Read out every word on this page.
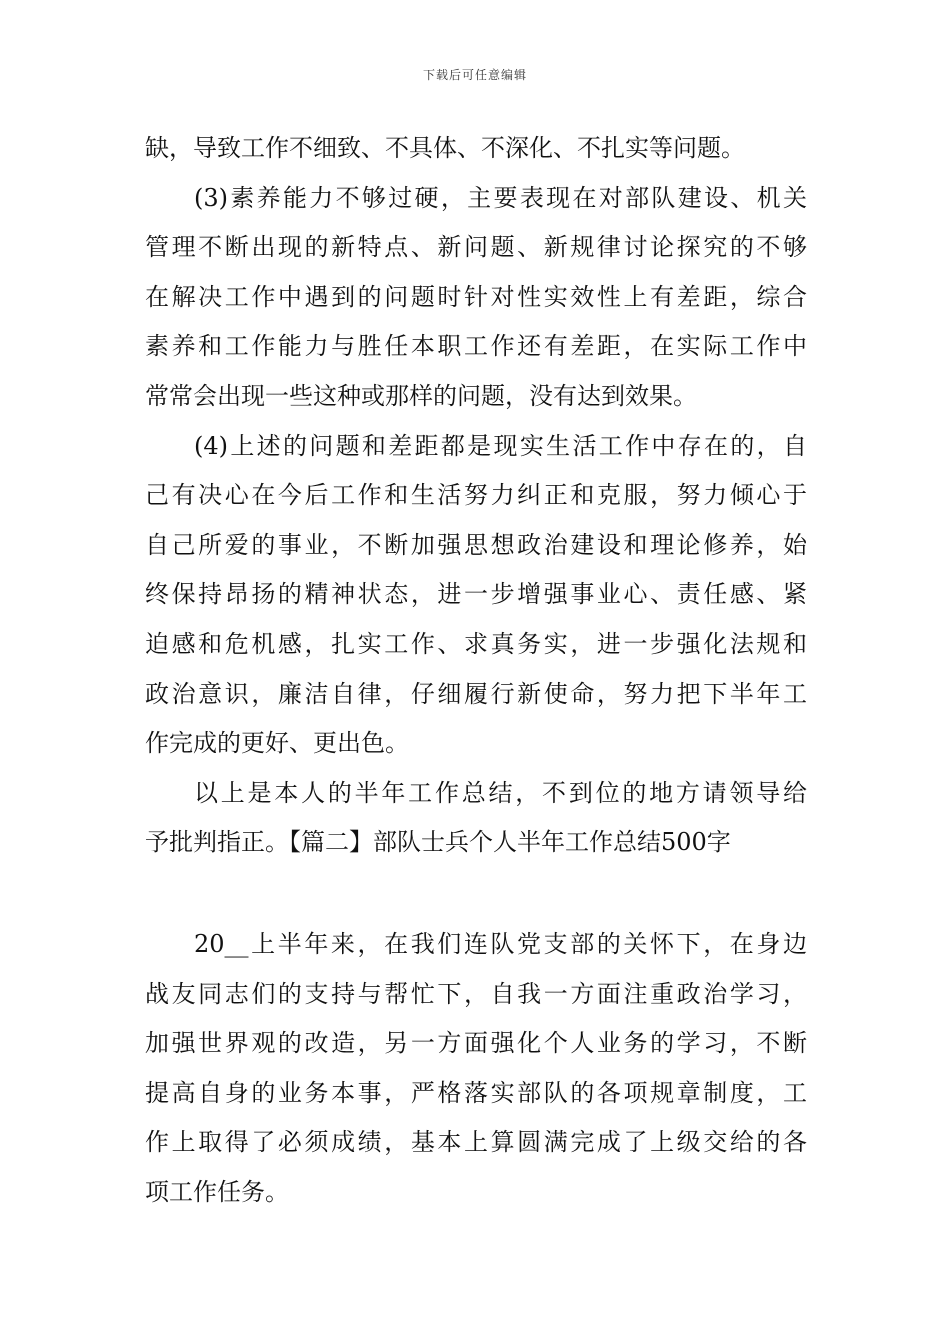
下载后可任意编辑
缺，导致工作不细致、不具体、不深化、不扎实等问题。
(3)素养能力不够过硬，主要表现在对部队建设、机关
管理不断出现的新特点、新问题、新规律讨论探究的不够
在解决工作中遇到的问题时针对性实效性上有差距，综合
素养和工作能力与胜任本职工作还有差距，在实际工作中
常常会出现一些这种或那样的问题，没有达到效果。
(4)上述的问题和差距都是现实生活工作中存在的，自
己有决心在今后工作和生活努力纠正和克服，努力倾心于
自己所爱的事业，不断加强思想政治建设和理论修养，始
终保持昂扬的精神状态，进一步增强事业心、责任感、紧
迫感和危机感，扎实工作、求真务实，进一步强化法规和
政治意识，廉洁自律，仔细履行新使命，努力把下半年工
作完成的更好、更出色。
以上是本人的半年工作总结，不到位的地方请领导给
予批判指正。【篇二】部队士兵个人半年工作总结500字
20__上半年来，在我们连队党支部的关怀下，在身边
战友同志们的支持与帮忙下，自我一方面注重政治学习，
加强世界观的改造，另一方面强化个人业务的学习，不断
提高自身的业务本事，严格落实部队的各项规章制度，工
作上取得了必须成绩，基本上算圆满完成了上级交给的各
项工作任务。
